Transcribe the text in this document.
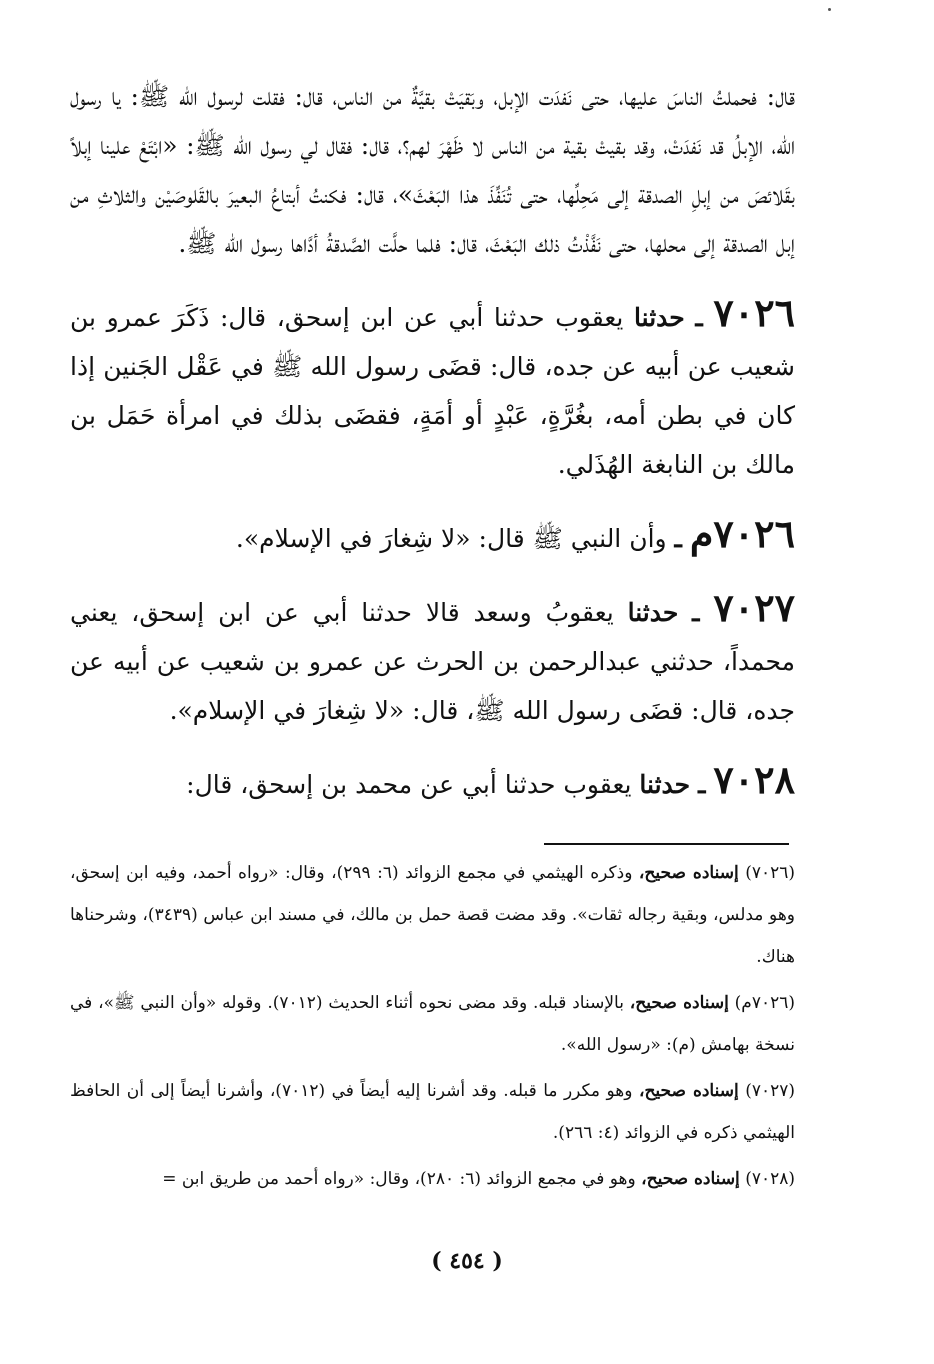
قال: فحملتُ الناسَ عليها، حتى نَفدَت الإبل، وبَقيَتْ بقيَّةٌ من الناس، قال: فقلت لرسول الله ﷺ: يا رسول الله، الإبلُ قد نَفدَتْ، وقد بقيتْ بقية من الناس لا ظَهْرَ لهم؟، قال: فقال لي رسول الله ﷺ: «ابْتَعْ علينا إبلاً بقَلائصَ من إبلِ الصدقة إلى مَحِلِّها، حتى تُنَفِّذَ هذا البَعْثَ»، قال: فكنتُ أبتاعُ البعيرَ بالقَلوصَيْن والثلاثِ من إبل الصدقة إلى محلها، حتى نَفَّذْتُ ذلك البَعْثَ، قال: فلما حلَّت الصَّدقةُ أدَّاها رسول الله ﷺ.

٧٠٢٦ ـ حدثنا يعقوب حدثنا أبي عن ابن إسحق، قال: ذَكَرَ عمرو بن شعيب عن أبيه عن جده، قال: قضَى رسول الله ﷺ في عَقْل الجَنين إذا كان في بطن أمه، بغُرَّةٍ، عَبْدٍ أو أمَةٍ، فقضَى بذلك في امرأة حَمَل بن مالك بن النابغة الهُذَلي.

٧٠٢٦م ـ وأن النبي ﷺ قال: «لا شِغارَ في الإسلام».

٧٠٢٧ ـ حدثنا يعقوبُ وسعد قالا حدثنا أبي عن ابن إسحق، يعني محمداً، حدثني عبدالرحمن بن الحرث عن عمرو بن شعيب عن أبيه عن جده، قال: قضَى رسول الله ﷺ، قال: «لا شِغارَ في الإسلام».

٧٠٢٨ ـ حدثنا يعقوب حدثنا أبي عن محمد بن إسحق، قال:

(٧٠٢٦) إسناده صحيح، وذكره الهيثمي في مجمع الزوائد (٦: ٢٩٩)، وقال: «رواه أحمد، وفيه ابن إسحق، وهو مدلس، وبقية رجاله ثقات». وقد مضت قصة حمل بن مالك، في مسند ابن عباس (٣٤٣٩)، وشرحناها هناك.

(٧٠٢٦م) إسناده صحيح، بالإسناد قبله. وقد مضى نحوه أثناء الحديث (٧٠١٢). وقوله «وأن النبي ﷺ»، في نسخة بهامش (م): «رسول الله».

(٧٠٢٧) إسناده صحيح، وهو مكرر ما قبله. وقد أشرنا إليه أيضاً في (٧٠١٢)، وأشرنا أيضاً إلى أن الحافظ الهيثمي ذكره في الزوائد (٤: ٢٦٦).

(٧٠٢٨) إسناده صحيح، وهو في مجمع الزوائد (٦: ٢٨٠)، وقال: «رواه أحمد من طريق ابن =

( ٤٥٤ )
